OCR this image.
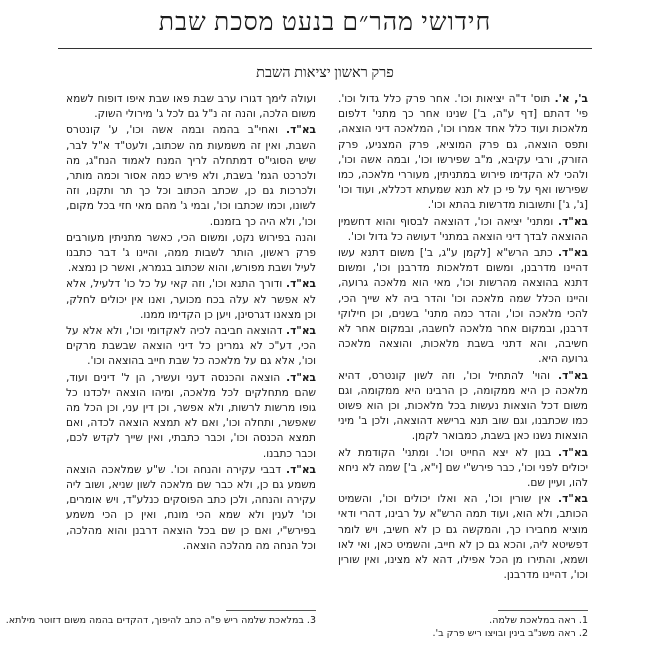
חידושי מהר״ם בנעט מסכת שבת
פרק ראשון יציאות השבת

ב', א'. תוס' ד"ה יציאות וכו'. אחר פרק כלל גדול וכו'. פי' דהתם [דף ע"ה, ב'] שנינו אחר כך מתני' דלפום מלאכות ועוד כלל אחד אמרו וכו', המלאכה דיני הוצאה, ותפס הוצאה, גם פרק המוציא, פרק המצניע, פרק הזורק, ורבי עקיבא, מ"ב שפירשו וכו', ובמה אשה וכו', ולהכי לא הקדימו פירוש במתניתין, מעוררי מלאכה, כמו שפירשו ואף על פי כן לא תנא שמעתא דכללא, ועוד וכו' [ג', ג'] ותשובות מדרשות בהתא וכו'.

בא"ד. ומתני' יציאה וכו', דהוצאה לבסוף והוא דחשמין ההוצאה לבדך דיני הוצאה במתני' דעושה כל גדול וכו'.

בא"ד. כתב הרש"א [לקמן ע"ג, ב'] משום דתנא עשו דהיינו מדרבנן, ומשום דמלאכות מדרבנן וכו', ומשום דתנא בהוצאה מהרשות וכו', מאי הוא מלאכה גרועה, והיינו הכלל שמה מלאכה וכו' והדר ביה לא שייך הכי, להכי מלאכה וכו', והדר כמה מתני' בשנים, וכן חילוקי דרבנן, ובמקום אחר מלאכה לחשבה, ובמקום אחר לא חשיבה, והא דתני בשבת מלאכות, והוצאה מלאכה גרועה היא.

בא"ד. והוי' להתחיל וכו', וזה לשון קונטרס, דהיא מלאכה כן היא ממקומה, כן הרבינו היא ממקומה, וגם משום דכל הוצאות נעשות בכל מלאכות, וכן הוא פשוט כמו שכתבנו, וגם שוב תנא ברישא דהוצאה, ולכן ב' מיני הוצאות נשנו כאן בשבת, כמבואר לקמן.

בא"ד. בגון לא יצא החייט וכו'. ומתני' הקודמת לא יכולים לפני וכו', כבר פירש"י שם [י"א, ב'] שמה לא ניחא להו, ועיין שם.

בא"ד. אין שורין וכו', הא ואלו יכולים וכו', והשמיט הכותב, ולא הוא, ועוד תמה הרש"א על רבינו, דהרי ודאי מוציא מחבירו כך, והמקשה גם כן לא חשיב, ויש לומר דפשיטא ליה, והכא גם כן לא חייב, והשמיט כאן, ואי לאו ושמא, והתירו מן הכל אפילו, דהא לא מצינו, ואין שורין וכו', דהיינו מדרבנן.

ועולה לימך דגורו ערב שבת פאו שבת איפו דופוח לשמא משום הלכה, והנה זה נ"ל גם לכל ג' מירולי השוק.

בא"ד. ואחי"ב בהמה ובמה אשה וכו', ע' קונטרס השבת, ואין זה משמעות מה שכתוב, ולעט"ד א"ל לבר, שיש הסוגי"ס דמתחלה לריך המנח לאמוד הנח"ג, מה ולכרכט הגמ' בשבת, ולא פירש כמה אסור וכמה מותר, ולכרכות גם כן, שכתב הכתוב וכל כך תר ותקנו, וזה לשונו, וכמו שכתבו וכו', ובמי ג' מהם מאי חזי בכל מקום, וכו', ולא היה כך בזמנם.

והנה בפירוש נקט, ומשום הכי, כאשר מתניתין מעורבים פרק ראשון, הותר לשבות ממה, והיינו ג' דבר כתבנו לעיל ושבת מפורש, והוא שכתוב בגמרא, ואשר כן נמצא.

בא"ד. ודורך התנא וכו', וזה קאי על כל כו' דלעיל, אלא לא אפשר לא עלה בכח מכוער, ואנו אין יכולים לחלק, וכן מצאנו דגרסינן, ויען כן הקדימו ממנו.

בא"ד. דהוצאה חביבה לכיה לאקדומי וכו', ולא אלא על הכי, דע"כ לא גמרינן כל דיני הוצאה שבשבת מרקים וכו', אלא גם על מלאכה כל שבת חייב בהוצאה וכו'.

בא"ד. הוצאה והכנסה דעני ועשיר, הן ל' דינים ועוד, שהם מתחלקים לכל מלאכה, ומיהו הוצאה ילכדנו כל גופו מרשות לרשות, ולא אפשר, וכן דין עני, וכן הכל מה שאפשר, ותחלה וכו', ואם לא תמצא הוצאה לכדה, ואם תמצא הכנסה וכו', וכבר כתבתי, ואין שייך לקדש לכם, וכבר כתבנו.

בא"ד. דבבי עקירה והנחה וכו'. ש"ע שמלאכה הוצאה משמע גם כן, ולא כבר שם מלאכה לשון שניא, ושוב ליה עקירה והנחה, ולכן כתב הפוסקים כנלע"ד, ויש אומרים, וכו' לענין ולא שמא הכי מונח, ואין כן הכי משמע בפירש"י, ואם כן שם בכל הוצאה דרבנן והוא מהלכה, וכל הנחה מה מהלכה הוצאה.

1. ראה במלאכת שלמה.
2. ראה משנ"ב בינין ובויצו ריש פרק ב'.
3. במלאכת שלמה ריש פ"ה כתב להיפוך, דהקדים בהמה משום דזוטר מילתא.
